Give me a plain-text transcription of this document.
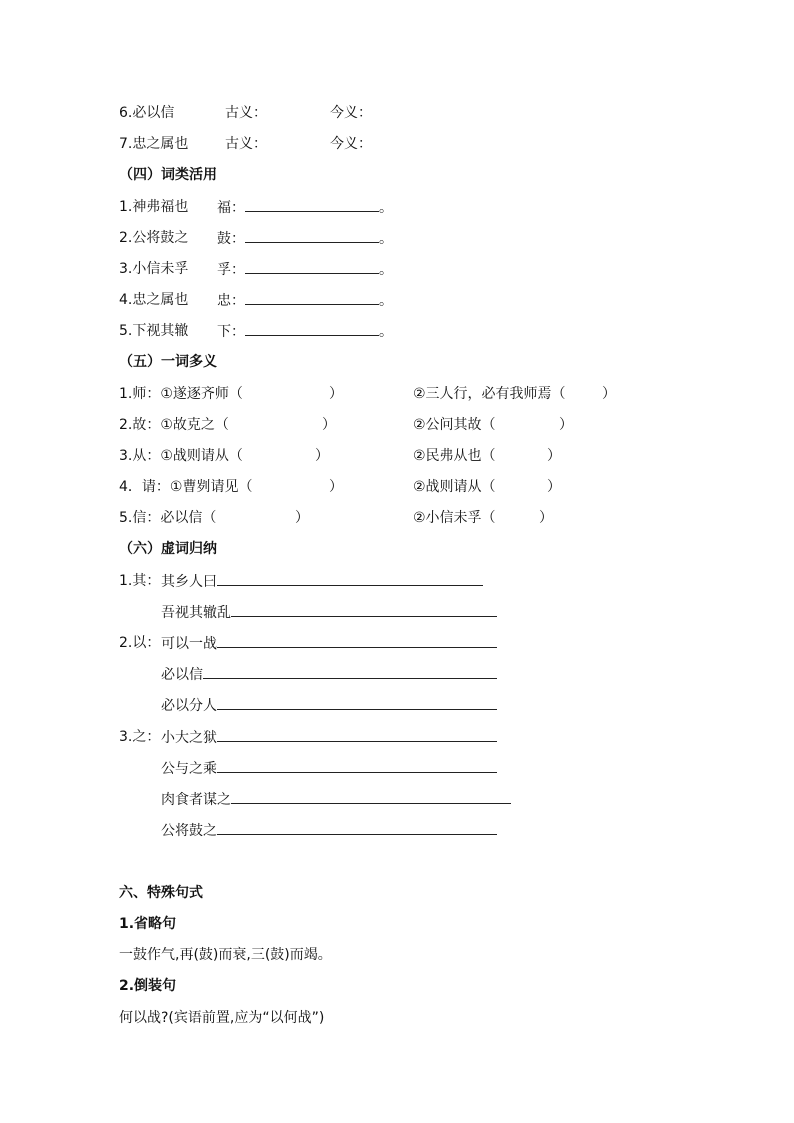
6.必以信	古义：	今义：
7.忠之属也	古义：	今义：
（四）词类活用
1.神弗福也 福：	。
2.公将鼓之 鼓：	。
3.小信未孚 孚：	。
4.忠之属也 忠：	。
5.下视其辙 下：	。
（五）一词多义
1.师：①遂逐齐师（	）	②三人行，必有我师焉（	）
2.故：①故克之（	）	②公问其故（	）
3.从：①战则请从（	）	②民弗从也（	）
4．请：①曹刿请见（	）	②战则请从（	）
5.信：必以信（	）	②小信未孚（	）
（六）虚词归纳
1.其： 其乡人曰
吾视其辙乱
2.以： 可以一战
必以信
必以分人
3.之： 小大之狱
公与之乘
肉食者谋之
公将鼓之
六、特殊句式
1.省略句
一鼓作气,再(鼓)而衰,三(鼓)而竭。
2.倒装句
何以战?(宾语前置,应为“以何战”)
